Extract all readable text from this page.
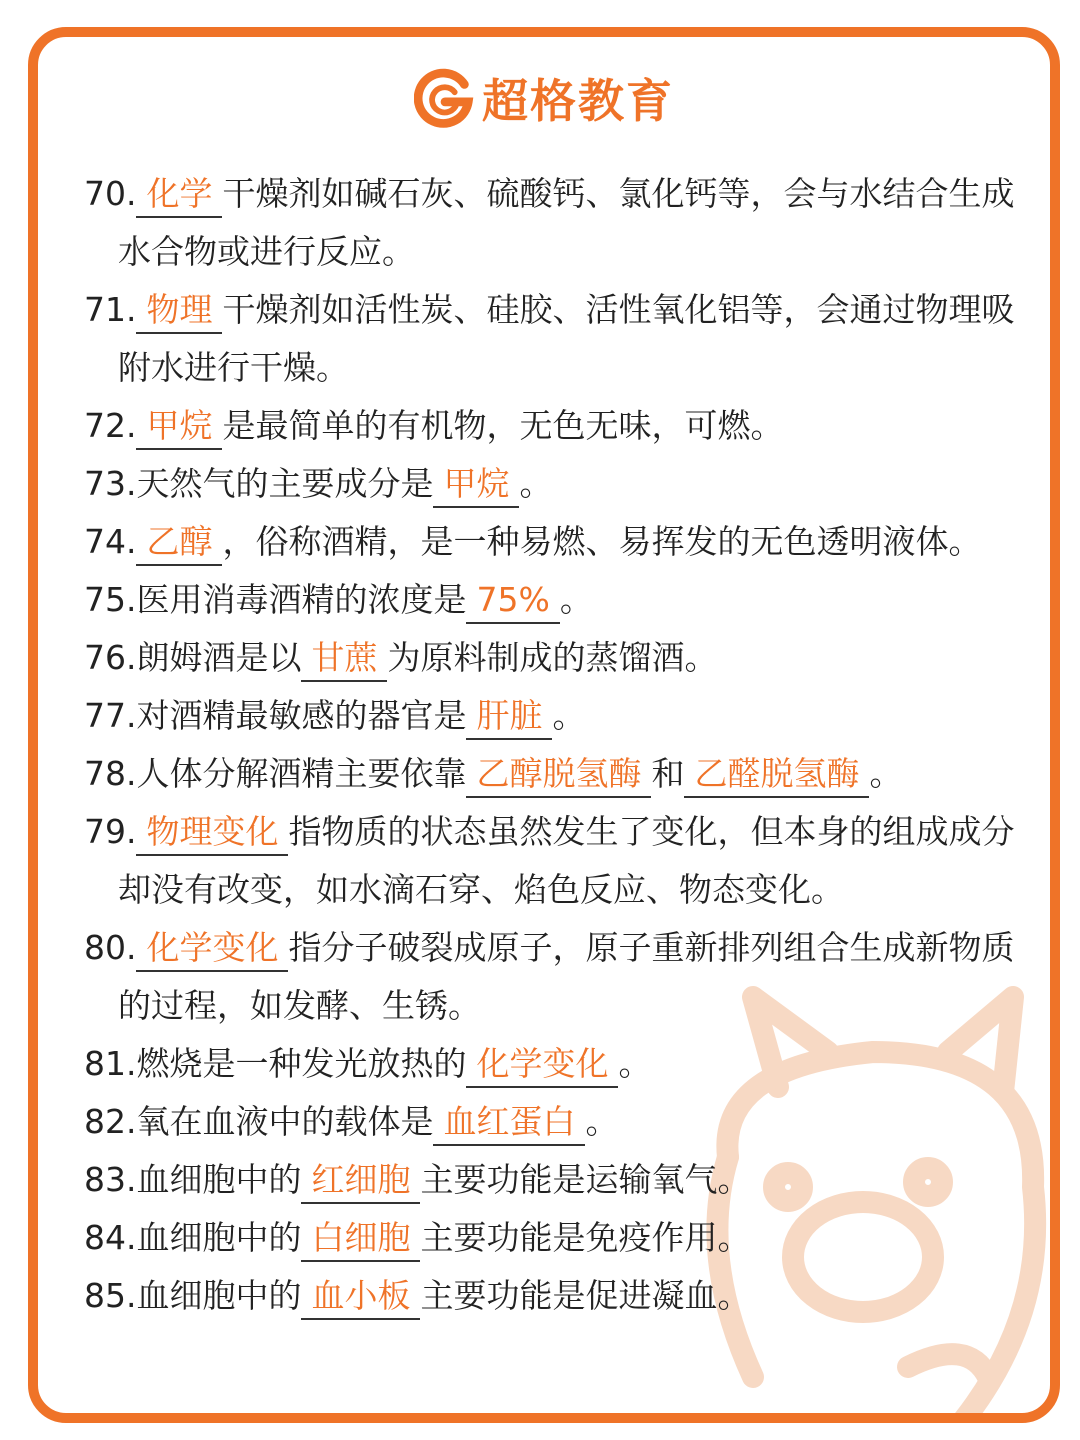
超格教育
70. 化学 干燥剂如碱石灰、硫酸钙、氯化钙等，会与水结合生成水合物或进行反应。
71. 物理 干燥剂如活性炭、硅胶、活性氧化铝等，会通过物理吸附水进行干燥。
72. 甲烷 是最简单的有机物，无色无味，可燃。
73.天然气的主要成分是 甲烷 。
74. 乙醇 ，俗称酒精，是一种易燃、易挥发的无色透明液体。
75.医用消毒酒精的浓度是 75% 。
76.朗姆酒是以 甘蔗 为原料制成的蒸馏酒。
77.对酒精最敏感的器官是 肝脏 。
78.人体分解酒精主要依靠 乙醇脱氢酶 和 乙醛脱氢酶 。
79. 物理变化 指物质的状态虽然发生了变化，但本身的组成成分却没有改变，如水滴石穿、焰色反应、物态变化。
80. 化学变化 指分子破裂成原子，原子重新排列组合生成新物质的过程，如发酵、生锈。
81.燃烧是一种发光放热的 化学变化 。
82.氧在血液中的载体是 血红蛋白 。
83.血细胞中的 红细胞 主要功能是运输氧气。
84.血细胞中的 白细胞 主要功能是免疫作用。
85.血细胞中的 血小板 主要功能是促进凝血。
